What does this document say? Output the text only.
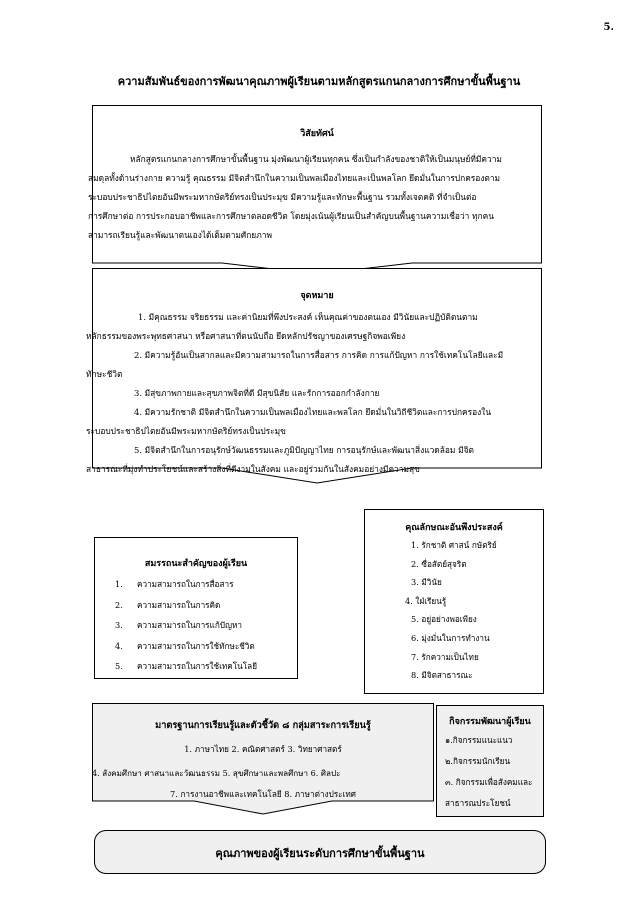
5.
ความสัมพันธ์ของการพัฒนาคุณภาพผู้เรียนตามหลักสูตรแกนกลางการศึกษาขั้นพื้นฐาน
วิสัยทัศน์
หลักสูตรแกนกลางการศึกษาขั้นพื้นฐาน มุ่งพัฒนาผู้เรียนทุกคน ซึ่งเป็นกำลังของชาติให้เป็นมนุษย์ที่มีความ
สมดุลทั้งด้านร่างกาย ความรู้ คุณธรรม มีจิตสำนึกในความเป็นพลเมืองไทยและเป็นพลโลก ยึดมั่นในการปกครองตาม
ระบอบประชาธิปไตยอันมีพระมหากษัตริย์ทรงเป็นประมุข มีความรู้และทักษะพื้นฐาน รวมทั้งเจตคติ ที่จำเป็นต่อ
การศึกษาต่อ การประกอบอาชีพและการศึกษาตลอดชีวิต โดยมุ่งเน้นผู้เรียนเป็นสำคัญบนพื้นฐานความเชื่อว่า ทุกคน
สามารถเรียนรู้และพัฒนาตนเองได้เต็มตามศักยภาพ
จุดหมาย
1. มีคุณธรรม จริยธรรม และค่านิยมที่พึงประสงค์ เห็นคุณค่าของตนเอง มีวินัยและปฏิบัติตนตาม
หลักธรรมของพระพุทธศาสนา หรือศาสนาที่ตนนับถือ ยึดหลักปรัชญาของเศรษฐกิจพอเพียง
2. มีความรู้อันเป็นสากลและมีความสามารถในการสื่อสาร การคิด การแก้ปัญหา การใช้เทคโนโลยีและมี
ทักษะชีวิต
3. มีสุขภาพกายและสุขภาพจิตที่ดี มีสุขนิสัย และรักการออกกำลังกาย
4. มีความรักชาติ มีจิตสำนึกในความเป็นพลเมืองไทยและพลโลก ยึดมั่นในวิถีชีวิตและการปกครองใน
ระบอบประชาธิปไตยอันมีพระมหากษัตริย์ทรงเป็นประมุข
5. มีจิตสำนึกในการอนุรักษ์วัฒนธรรมและภูมิปัญญาไทย การอนุรักษ์และพัฒนาสิ่งแวดล้อม มีจิต
สาธารณะที่มุ่งทำประโยชน์และสร้างสิ่งที่ดีงามในสังคม และอยู่ร่วมกันในสังคมอย่างมีความสุข
สมรรถนะสำคัญของผู้เรียน
1.	ความสามารถในการสื่อสาร
2.	ความสามารถในการคิด
3.	ความสามารถในการแก้ปัญหา
4.	ความสามารถในการใช้ทักษะชีวิต
5.	ความสามารถในการใช้เทคโนโลยี
คุณลักษณะอันพึงประสงค์
1. รักชาติ ศาสน์ กษัตริย์
2. ซื่อสัตย์สุจริต
3. มีวินัย
4. ใฝ่เรียนรู้
5. อยู่อย่างพอเพียง
6. มุ่งมั่นในการทำงาน
7. รักความเป็นไทย
8. มีจิตสาธารณะ
มาตรฐานการเรียนรู้และตัวชี้วัด ๘ กลุ่มสาระการเรียนรู้
1. ภาษาไทย 2. คณิตศาสตร์ 3. วิทยาศาสตร์
4. สังคมศึกษา ศาสนาและวัฒนธรรม 5. สุขศึกษาและพลศึกษา 6. ศิลปะ
7. การงานอาชีพและเทคโนโลยี 8. ภาษาต่างประเทศ
กิจกรรมพัฒนาผู้เรียน
๑.กิจกรรมแนะแนว
๒.กิจกรรมนักเรียน
๓. กิจกรรมเพื่อสังคมและ
สาธารณประโยชน์
คุณภาพของผู้เรียนระดับการศึกษาขั้นพื้นฐาน
